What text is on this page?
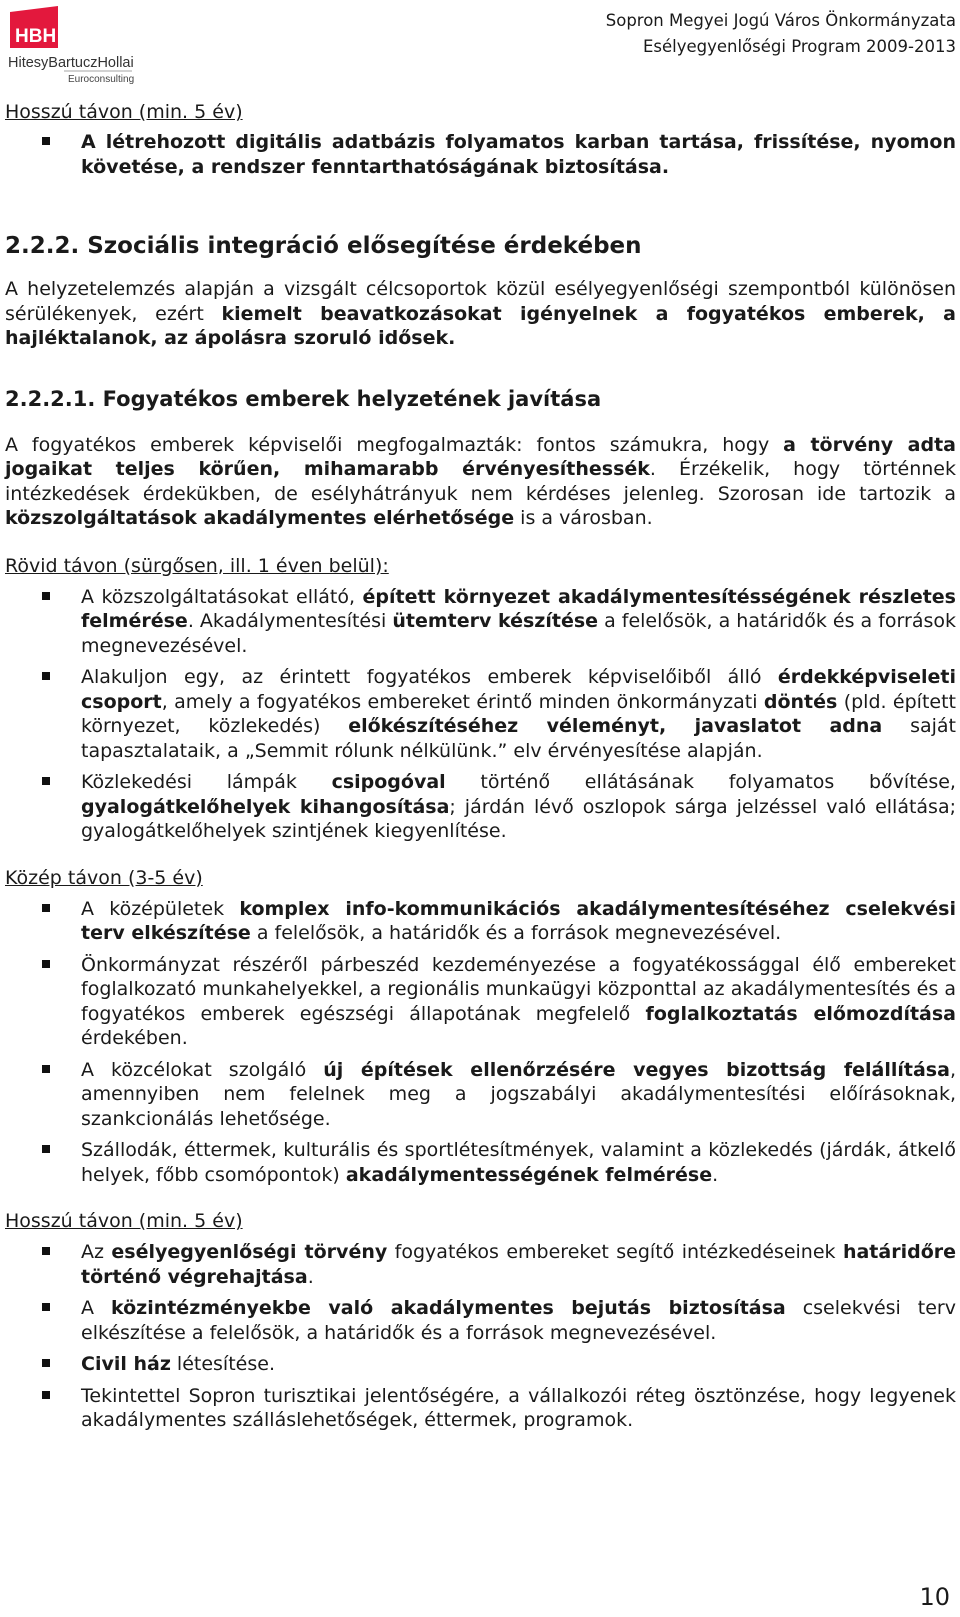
HBH
HitesyBartuczHollai
Euroconsulting
Sopron Megyei Jogú Város Önkormányzata
Esélyegyenlőségi Program 2009-2013
Hosszú távon (min. 5 év)
A létrehozott digitális adatbázis folyamatos karban tartása, frissítése, nyomon követése, a rendszer fenntarthatóságának biztosítása.
2.2.2. Szociális integráció elősegítése érdekében

A helyzetelemzés alapján a vizsgált célcsoportok közül esélyegyenlőségi szempontból különösen sérülékenyek, ezért kiemelt beavatkozásokat igényelnek a fogyatékos emberek, a hajléktalanok, az ápolásra szoruló idősek.

2.2.2.1. Fogyatékos emberek helyzetének javítása

A fogyatékos emberek képviselői megfogalmazták: fontos számukra, hogy a törvény adta jogaikat teljes körűen, mihamarabb érvényesíthessék. Érzékelik, hogy történnek intézkedések érdekükben, de esélyhátrányuk nem kérdéses jelenleg. Szorosan ide tartozik a közszolgáltatások akadálymentes elérhetősége is a városban.

Rövid távon (sürgősen, ill. 1 éven belül):
A közszolgáltatásokat ellátó, épített környezet akadálymentesítésségének részletes felmérése. Akadálymentesítési ütemterv készítése a felelősök, a határidők és a források megnevezésével.
Alakuljon egy, az érintett fogyatékos emberek képviselőiből álló érdekképviseleti csoport, amely a fogyatékos embereket érintő minden önkormányzati döntés (pld. épített környezet, közlekedés) előkészítéséhez véleményt, javaslatot adna saját tapasztalataik, a „Semmit rólunk nélkülünk.” elv érvényesítése alapján.
Közlekedési lámpák csipogóval történő ellátásának folyamatos bővítése, gyalogátkelőhelyek kihangosítása; járdán lévő oszlopok sárga jelzéssel való ellátása; gyalogátkelőhelyek szintjének kiegyenlítése.
Közép távon (3-5 év)
A középületek komplex info-kommunikációs akadálymentesítéséhez cselekvési terv elkészítése a felelősök, a határidők és a források megnevezésével.
Önkormányzat részéről párbeszéd kezdeményezése a fogyatékossággal élő embereket foglalkozató munkahelyekkel, a regionális munkaügyi központtal az akadálymentesítés és a fogyatékos emberek egészségi állapotának megfelelő foglalkoztatás előmozdítása érdekében.
A közcélokat szolgáló új építések ellenőrzésére vegyes bizottság felállítása, amennyiben nem felelnek meg a jogszabályi akadálymentesítési előírásoknak, szankcionálás lehetősége.
Szállodák, éttermek, kulturális és sportlétesítmények, valamint a közlekedés (járdák, átkelő helyek, főbb csomópontok) akadálymentességének felmérése.
Hosszú távon (min. 5 év)
Az esélyegyenlőségi törvény fogyatékos embereket segítő intézkedéseinek határidőre történő végrehajtása.
A közintézményekbe való akadálymentes bejutás biztosítása cselekvési terv elkészítése a felelősök, a határidők és a források megnevezésével.
Civil ház létesítése.
Tekintettel Sopron turisztikai jelentőségére, a vállalkozói réteg ösztönzése, hogy legyenek akadálymentes szálláslehetőségek, éttermek, programok.
10
